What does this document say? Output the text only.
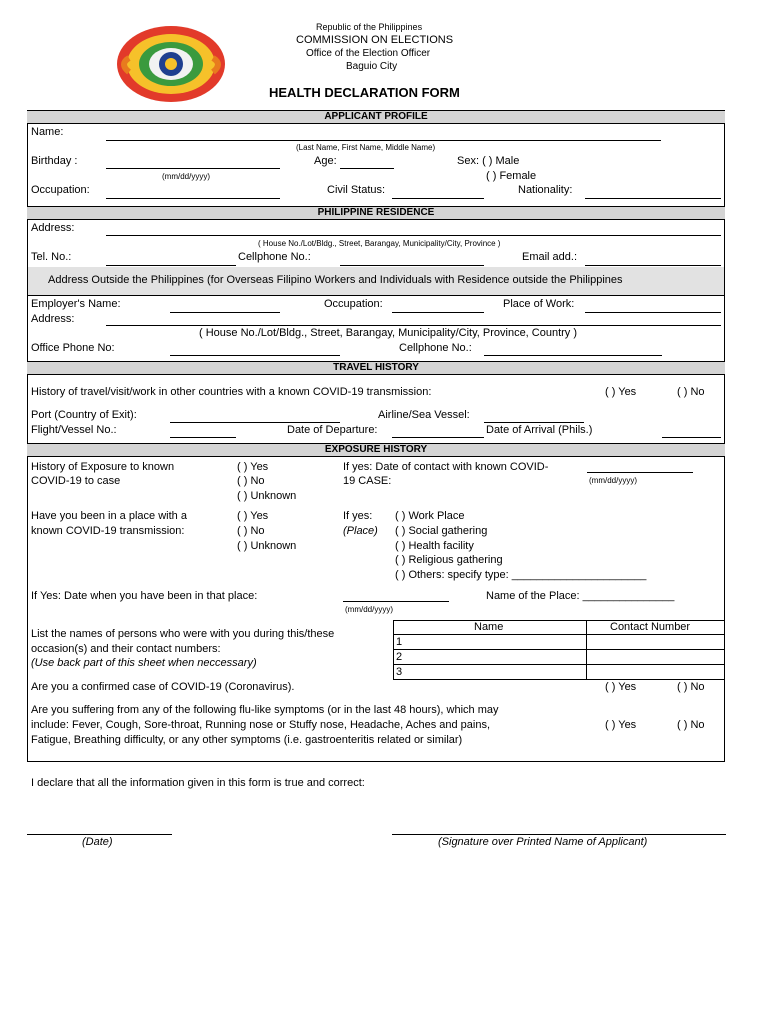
Republic of the Philippines
COMMISSION ON ELECTIONS
Office of the Election Officer
Baguio City
HEALTH DECLARATION FORM
APPLICANT PROFILE
Name:
(Last Name, First Name, Middle Name)
Birthday :
(mm/dd/yyyy)
Age:	Sex: ( ) Male
( ) Female
Occupation:	Civil Status:	Nationality:
PHILIPPINE RESIDENCE
Address:
( House No./Lot/Bldg., Street, Barangay, Municipality/City, Province )
Tel. No.:	Cellphone No.:	Email add.:
Address Outside the Philippines (for Overseas Filipino Workers and Individuals with Residence outside the Philippines
Employer's Name:	Occupation:	Place of Work:
Address:
( House No./Lot/Bldg., Street, Barangay, Municipality/City, Province, Country )
Office Phone No:	Cellphone No.:
TRAVEL HISTORY
History of travel/visit/work in other countries with a known COVID-19 transmission:	( ) Yes	( ) No
Port (Country of Exit):	Airline/Sea Vessel:
Flight/Vessel No.:	Date of Departure:	Date of Arrival (Phils.)
EXPOSURE HISTORY
History of Exposure to known
COVID-19 to case
( ) Yes
( ) No
( ) Unknown
If yes: Date of contact with known COVID-
19 CASE:	(mm/dd/yyyy)
Have you been in a place with a
known COVID-19 transmission:
( ) Yes
( ) No
( ) Unknown
If yes:
(Place)
( ) Work Place
( ) Social gathering
( ) Health facility
( ) Religious gathering
( ) Others: specify type: ______________________
If Yes: Date when you have been in that place:
(mm/dd/yyyy)
Name of the Place: _______________
List the names of persons who were with you during this/these
occasion(s) and their contact numbers:
(Use back part of this sheet when neccessary)
Name	Contact Number
1
2
3
Are you a confirmed case of COVID-19 (Coronavirus).	( ) Yes	( ) No
Are you suffering from any of the following flu-like symptoms (or in the last 48 hours), which may
include: Fever, Cough, Sore-throat, Running nose or Stuffy nose, Headache, Aches and pains,
Fatigue, Breathing difficulty, or any other symptoms (i.e. gastroenteritis related or similar)
( ) Yes	( ) No
I declare that all the information given in this form is true and correct:
(Date)	(Signature over Printed Name of Applicant)
